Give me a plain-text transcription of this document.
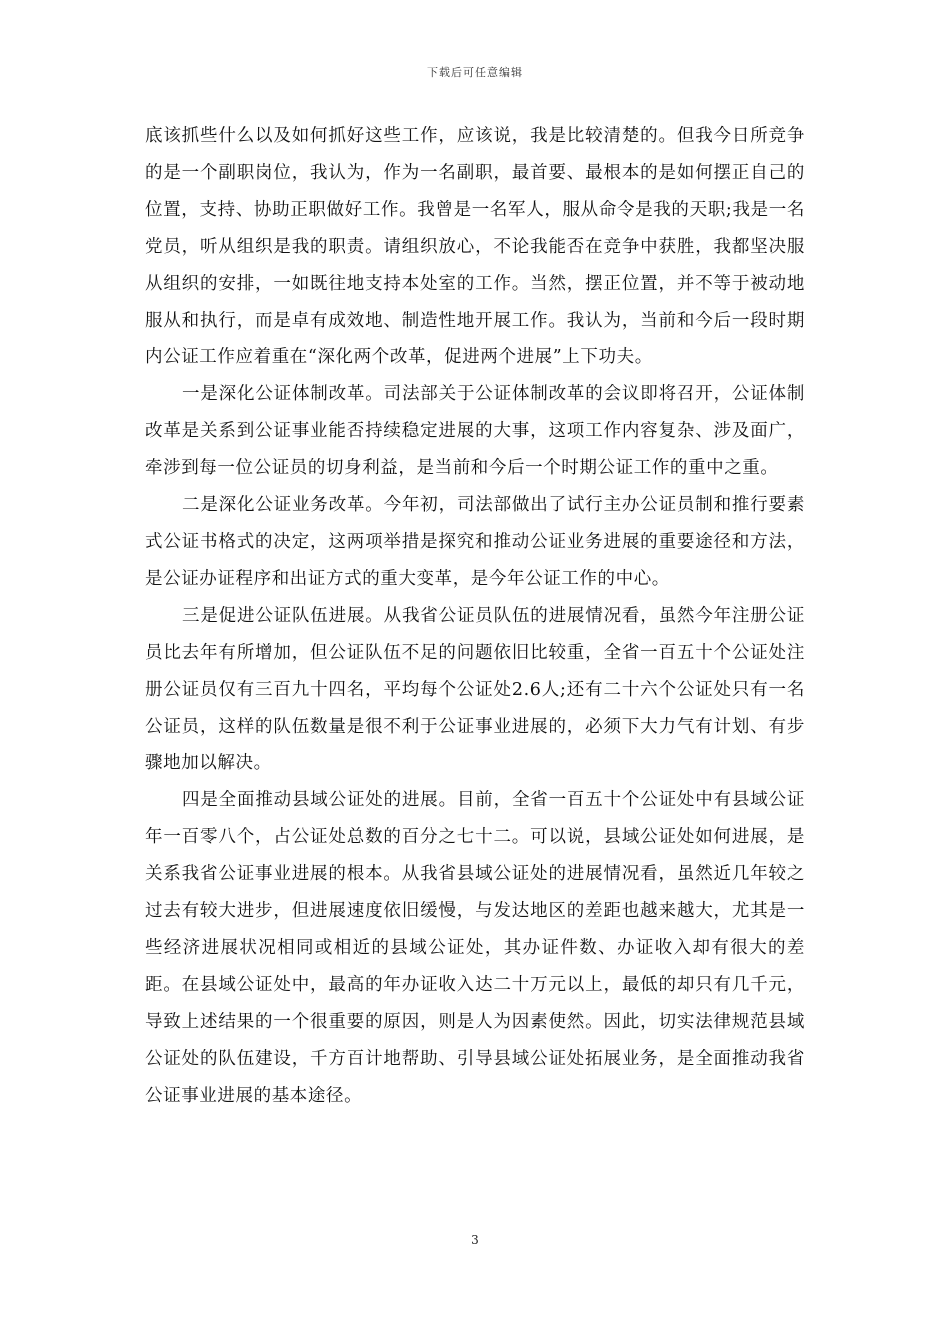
下载后可任意编辑

底该抓些什么以及如何抓好这些工作，应该说，我是比较清楚的。但我今日所竞争的是一个副职岗位，我认为，作为一名副职，最首要、最根本的是如何摆正自己的位置，支持、协助正职做好工作。我曾是一名军人，服从命令是我的天职;我是一名党员，听从组织是我的职责。请组织放心，不论我能否在竞争中获胜，我都坚决服从组织的安排，一如既往地支持本处室的工作。当然，摆正位置，并不等于被动地服从和执行，而是卓有成效地、制造性地开展工作。我认为，当前和今后一段时期内公证工作应着重在“深化两个改革，促进两个进展”上下功夫。

一是深化公证体制改革。司法部关于公证体制改革的会议即将召开，公证体制改革是关系到公证事业能否持续稳定进展的大事，这项工作内容复杂、涉及面广，牵涉到每一位公证员的切身利益，是当前和今后一个时期公证工作的重中之重。

二是深化公证业务改革。今年初，司法部做出了试行主办公证员制和推行要素式公证书格式的决定，这两项举措是探究和推动公证业务进展的重要途径和方法，是公证办证程序和出证方式的重大变革，是今年公证工作的中心。

三是促进公证队伍进展。从我省公证员队伍的进展情况看，虽然今年注册公证员比去年有所增加，但公证队伍不足的问题依旧比较重，全省一百五十个公证处注册公证员仅有三百九十四名，平均每个公证处2.6人;还有二十六个公证处只有一名公证员，这样的队伍数量是很不利于公证事业进展的，必须下大力气有计划、有步骤地加以解决。

四是全面推动县域公证处的进展。目前，全省一百五十个公证处中有县域公证年一百零八个，占公证处总数的百分之七十二。可以说，县域公证处如何进展，是关系我省公证事业进展的根本。从我省县域公证处的进展情况看，虽然近几年较之过去有较大进步，但进展速度依旧缓慢，与发达地区的差距也越来越大，尤其是一些经济进展状况相同或相近的县域公证处，其办证件数、办证收入却有很大的差距。在县域公证处中，最高的年办证收入达二十万元以上，最低的却只有几千元，导致上述结果的一个很重要的原因，则是人为因素使然。因此，切实法律规范县域公证处的队伍建设，千方百计地帮助、引导县域公证处拓展业务，是全面推动我省公证事业进展的基本途径。

3
